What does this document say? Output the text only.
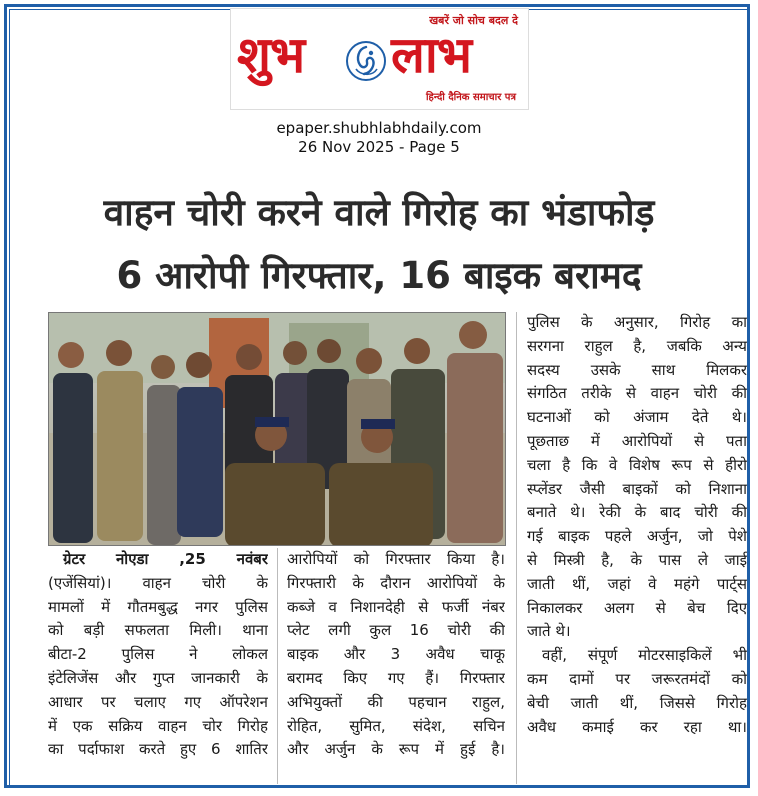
खबरें जो सोच बदल दे
शुभ लाभ
हिन्दी दैनिक समाचार पत्र
epaper.shubhlabhdaily.com
26 Nov 2025 - Page 5
वाहन चोरी करने वाले गिरोह का भंडाफोड़
6 आरोपी गिरफ्तार, 16 बाइक बरामद
ग्रेटर नोएडा ,25 नवंबर
(एजेंसियां)। वाहन चोरी के
मामलों में गौतमबुद्ध नगर पुलिस
को बड़ी सफलता मिली। थाना
बीटा-2 पुलिस ने लोकल
इंटेलिजेंस और गुप्त जानकारी के
आधार पर चलाए गए ऑपरेशन
में एक सक्रिय वाहन चोर गिरोह
का पर्दाफाश करते हुए 6 शातिर
आरोपियों को गिरफ्तार किया है।
गिरफ्तारी के दौरान आरोपियों के
कब्जे व निशानदेही से फर्जी नंबर
प्लेट लगी कुल 16 चोरी की
बाइक और 3 अवैध चाकू
बरामद किए गए हैं। गिरफ्तार
अभियुक्तों की पहचान राहुल,
रोहित, सुमित, संदेश, सचिन
और अर्जुन के रूप में हुई है।
पुलिस के अनुसार, गिरोह का
सरगना राहुल है, जबकि अन्य
सदस्य उसके साथ मिलकर
संगठित तरीके से वाहन चोरी की
घटनाओं को अंजाम देते थे।
पूछताछ में आरोपियों से पता
चला है कि वे विशेष रूप से हीरो
स्प्लेंडर जैसी बाइकों को निशाना
बनाते थे। रेकी के बाद चोरी की
गई बाइक पहले अर्जुन, जो पेशे
से मिस्त्री है, के पास ले जाई
जाती थीं, जहां वे महंगे पार्ट्स
निकालकर अलग से बेच दिए
जाते थे।
वहीं, संपूर्ण मोटरसाइकिलें भी
कम दामों पर जरूरतमंदों को
बेची जाती थीं, जिससे गिरोह
अवैध कमाई कर रहा था।
